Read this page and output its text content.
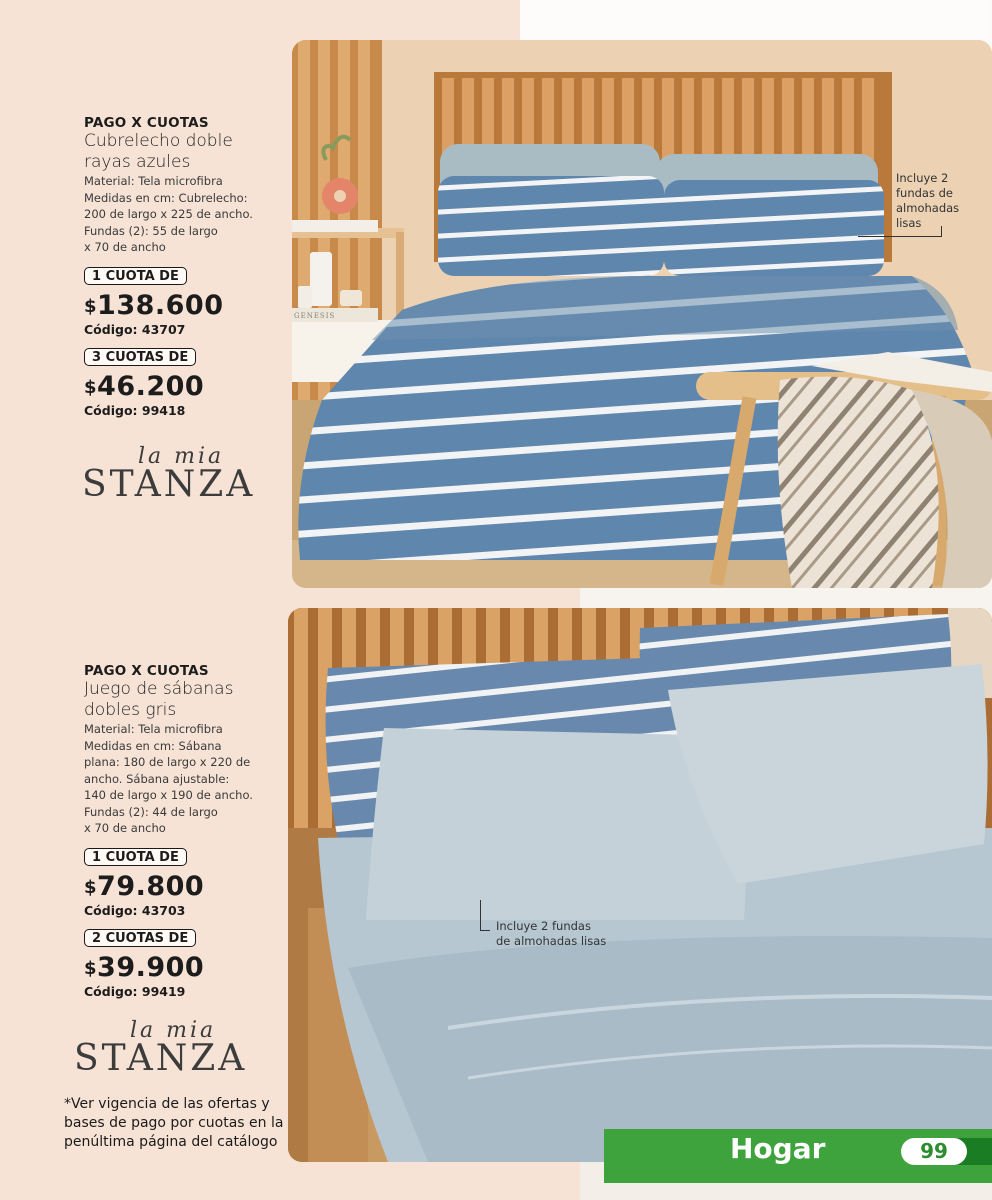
Incluye 2
fundas de
almohadas
lisas
GENESIS
Incluye 2 fundas
de almohadas lisas
PAGO X CUOTAS
Cubrelecho doble
rayas azules
Material: Tela microfibra
Medidas en cm: Cubrelecho:
200 de largo x 225 de ancho.
Fundas (2): 55 de largo
x 70 de ancho
1 CUOTA DE
$138.600
Código: 43707
3 CUOTAS DE
$46.200
Código: 99418
la mia
STANZA
PAGO X CUOTAS
Juego de sábanas
dobles gris
Material: Tela microfibra
Medidas en cm: Sábana
plana: 180 de largo x 220 de
ancho. Sábana ajustable:
140 de largo x 190 de ancho.
Fundas (2): 44 de largo
x 70 de ancho
1 CUOTA DE
$79.800
Código: 43703
2 CUOTAS DE
$39.900
Código: 99419
la mia
STANZA
*Ver vigencia de las ofertas y bases de pago por cuotas en la penúltima página del catálogo	Hogar	99
